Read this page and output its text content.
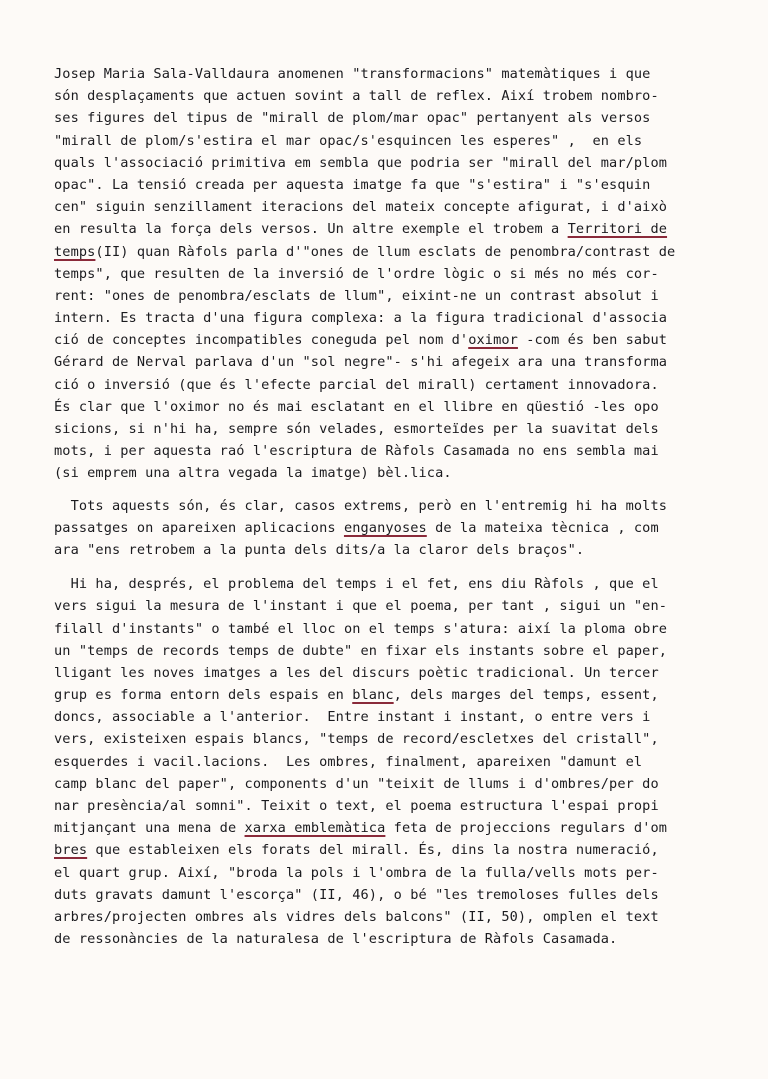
Josep Maria Sala-Valldaura anomenen "transformacions" matemàtiques i que
són desplaçaments que actuen sovint a tall de reflex. Així trobem nombro-
ses figures del tipus de "mirall de plom/mar opac" pertanyent als versos
"mirall de plom/s'estira el mar opac/s'esquincen les esperes" ,  en els
quals l'associació primitiva em sembla que podria ser "mirall del mar/plom
opac". La tensió creada per aquesta imatge fa que "s'estira" i "s'esquin
cen" siguin senzillament iteracions del mateix concepte afigurat, i d'això
en resulta la força dels versos. Un altre exemple el trobem a Territori de
temps(II) quan Ràfols parla d'"ones de llum esclats de penombra/contrast de
temps", que resulten de la inversió de l'ordre lògic o si més no més cor-
rent: "ones de penombra/esclats de llum", eixint-ne un contrast absolut i
intern. Es tracta d'una figura complexa: a la figura tradicional d'associa
ció de conceptes incompatibles coneguda pel nom d'oximor -com és ben sabut
Gérard de Nerval parlava d'un "sol negre"- s'hi afegeix ara una transforma
ció o inversió (que és l'efecte parcial del mirall) certament innovadora.
És clar que l'oximor no és mai esclatant en el llibre en qüestió -les opo
sicions, si n'hi ha, sempre són velades, esmorteïdes per la suavitat dels
mots, i per aquesta raó l'escriptura de Ràfols Casamada no ens sembla mai
(si emprem una altra vegada la imatge) bèl.lica.
Tots aquests són, és clar, casos extrems, però en l'entremig hi ha molts
passatges on apareixen aplicacions enganyoses de la mateixa tècnica , com
ara "ens retrobem a la punta dels dits/a la claror dels braços".
Hi ha, després, el problema del temps i el fet, ens diu Ràfols , que el
vers sigui la mesura de l'instant i que el poema, per tant , sigui un "en-
filall d'instants" o també el lloc on el temps s'atura: així la ploma obre
un "temps de records temps de dubte" en fixar els instants sobre el paper,
lligant les noves imatges a les del discurs poètic tradicional. Un tercer
grup es forma entorn dels espais en blanc, dels marges del temps, essent,
doncs, associable a l'anterior.  Entre instant i instant, o entre vers i
vers, existeixen espais blancs, "temps de record/escletxes del cristall",
esquerdes i vacil.lacions.  Les ombres, finalment, apareixen "damunt el
camp blanc del paper", components d'un "teixit de llums i d'ombres/per do
nar presència/al somni". Teixit o text, el poema estructura l'espai propi
mitjançant una mena de xarxa emblemàtica feta de projeccions regulars d'om
bres que estableixen els forats del mirall. És, dins la nostra numeració,
el quart grup. Així, "broda la pols i l'ombra de la fulla/vells mots per-
duts gravats damunt l'escorça" (II, 46), o bé "les tremoloses fulles dels
arbres/projecten ombres als vidres dels balcons" (II, 50), omplen el text
de ressonàncies de la naturalesa de l'escriptura de Ràfols Casamada.
